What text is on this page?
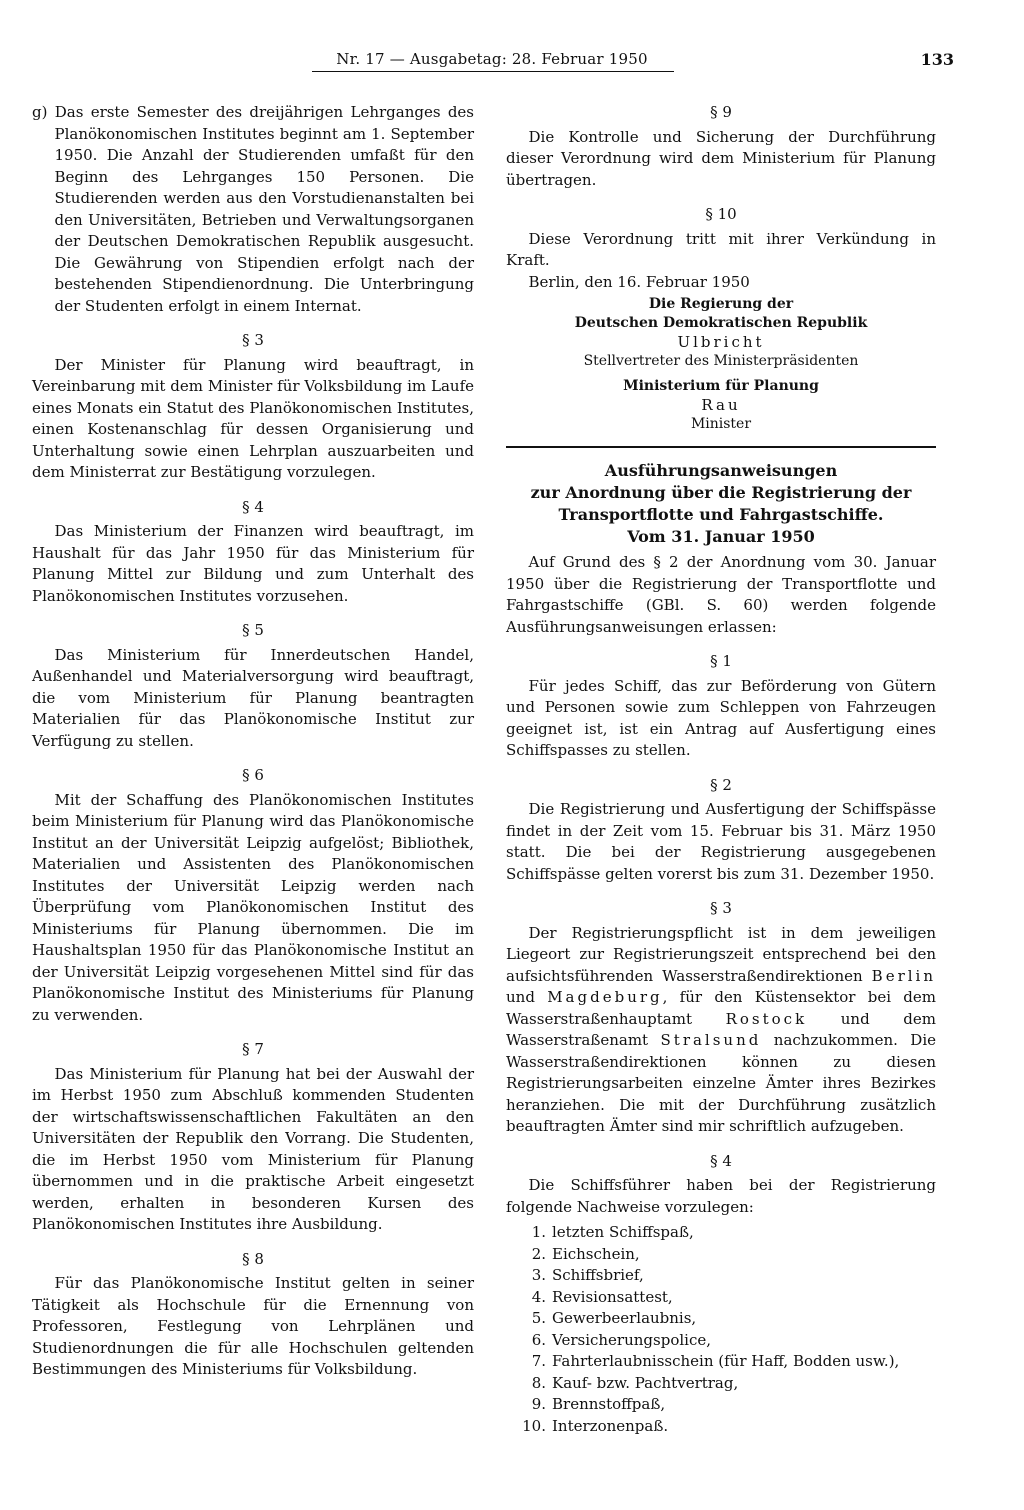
Nr. 17 — Ausgabetag: 28. Februar 1950	133

g) Das erste Semester des dreijährigen Lehrganges des Planökonomischen Institutes beginnt am 1. September 1950. Die Anzahl der Studierenden umfaßt für den Beginn des Lehrganges 150 Personen. Die Studierenden werden aus den Vorstudienanstalten bei den Universitäten, Betrieben und Verwaltungsorganen der Deutschen Demokratischen Republik ausgesucht. Die Gewährung von Stipendien erfolgt nach der bestehenden Stipendienordnung. Die Unterbringung der Studenten erfolgt in einem Internat.

§ 3

Der Minister für Planung wird beauftragt, in Vereinbarung mit dem Minister für Volksbildung im Laufe eines Monats ein Statut des Planökonomischen Institutes, einen Kostenanschlag für dessen Organisierung und Unterhaltung sowie einen Lehrplan auszuarbeiten und dem Ministerrat zur Bestätigung vorzulegen.

§ 4

Das Ministerium der Finanzen wird beauftragt, im Haushalt für das Jahr 1950 für das Ministerium für Planung Mittel zur Bildung und zum Unterhalt des Planökonomischen Institutes vorzusehen.

§ 5

Das Ministerium für Innerdeutschen Handel, Außenhandel und Materialversorgung wird beauftragt, die vom Ministerium für Planung beantragten Materialien für das Planökonomische Institut zur Verfügung zu stellen.

§ 6

Mit der Schaffung des Planökonomischen Institutes beim Ministerium für Planung wird das Planökonomische Institut an der Universität Leipzig aufgelöst; Bibliothek, Materialien und Assistenten des Planökonomischen Institutes der Universität Leipzig werden nach Überprüfung vom Planökonomischen Institut des Ministeriums für Planung übernommen. Die im Haushaltsplan 1950 für das Planökonomische Institut an der Universität Leipzig vorgesehenen Mittel sind für das Planökonomische Institut des Ministeriums für Planung zu verwenden.

§ 7

Das Ministerium für Planung hat bei der Auswahl der im Herbst 1950 zum Abschluß kommenden Studenten der wirtschaftswissenschaftlichen Fakultäten an den Universitäten der Republik den Vorrang. Die Studenten, die im Herbst 1950 vom Ministerium für Planung übernommen und in die praktische Arbeit eingesetzt werden, erhalten in besonderen Kursen des Planökonomischen Institutes ihre Ausbildung.

§ 8

Für das Planökonomische Institut gelten in seiner Tätigkeit als Hochschule für die Ernennung von Professoren, Festlegung von Lehrplänen und Studienordnungen die für alle Hochschulen geltenden Bestimmungen des Ministeriums für Volksbildung.

§ 9

Die Kontrolle und Sicherung der Durchführung dieser Verordnung wird dem Ministerium für Planung übertragen.

§ 10

Diese Verordnung tritt mit ihrer Verkündung in Kraft.

Berlin, den 16. Februar 1950

Die Regierung der

Deutschen Demokratischen Republik

Ulbricht

Stellvertreter des Ministerpräsidenten

Ministerium für Planung

Rau

Minister

Ausführungsanweisungen

zur Anordnung über die Registrierung der

Transportflotte und Fahrgastschiffe.

Vom 31. Januar 1950

Auf Grund des § 2 der Anordnung vom 30. Januar 1950 über die Registrierung der Transportflotte und Fahrgastschiffe (GBl. S. 60) werden folgende Ausführungsanweisungen erlassen:

§ 1

Für jedes Schiff, das zur Beförderung von Gütern und Personen sowie zum Schleppen von Fahrzeugen geeignet ist, ist ein Antrag auf Ausfertigung eines Schiffspasses zu stellen.

§ 2

Die Registrierung und Ausfertigung der Schiffspässe findet in der Zeit vom 15. Februar bis 31. März 1950 statt. Die bei der Registrierung ausgegebenen Schiffspässe gelten vorerst bis zum 31. Dezember 1950.

§ 3

Der Registrierungspflicht ist in dem jeweiligen Liegeort zur Registrierungszeit entsprechend bei den aufsichtsführenden Wasserstraßendirektionen Berlin und Magdeburg, für den Küstensektor bei dem Wasserstraßenhauptamt Rostock und dem Wasserstraßenamt Stralsund nachzukommen. Die Wasserstraßendirektionen können zu diesen Registrierungsarbeiten einzelne Ämter ihres Bezirkes heranziehen. Die mit der Durchführung zusätzlich beauftragten Ämter sind mir schriftlich aufzugeben.

§ 4

Die Schiffsführer haben bei der Registrierung folgende Nachweise vorzulegen:

1. letzten Schiffspaß,
2. Eichschein,
3. Schiffsbrief,
4. Revisionsattest,
5. Gewerbeerlaubnis,
6. Versicherungspolice,
7. Fahrterlaubnisschein (für Haff, Bodden usw.),
8. Kauf- bzw. Pachtvertrag,
9. Brennstoffpaß,
10. Interzonenpaß.
